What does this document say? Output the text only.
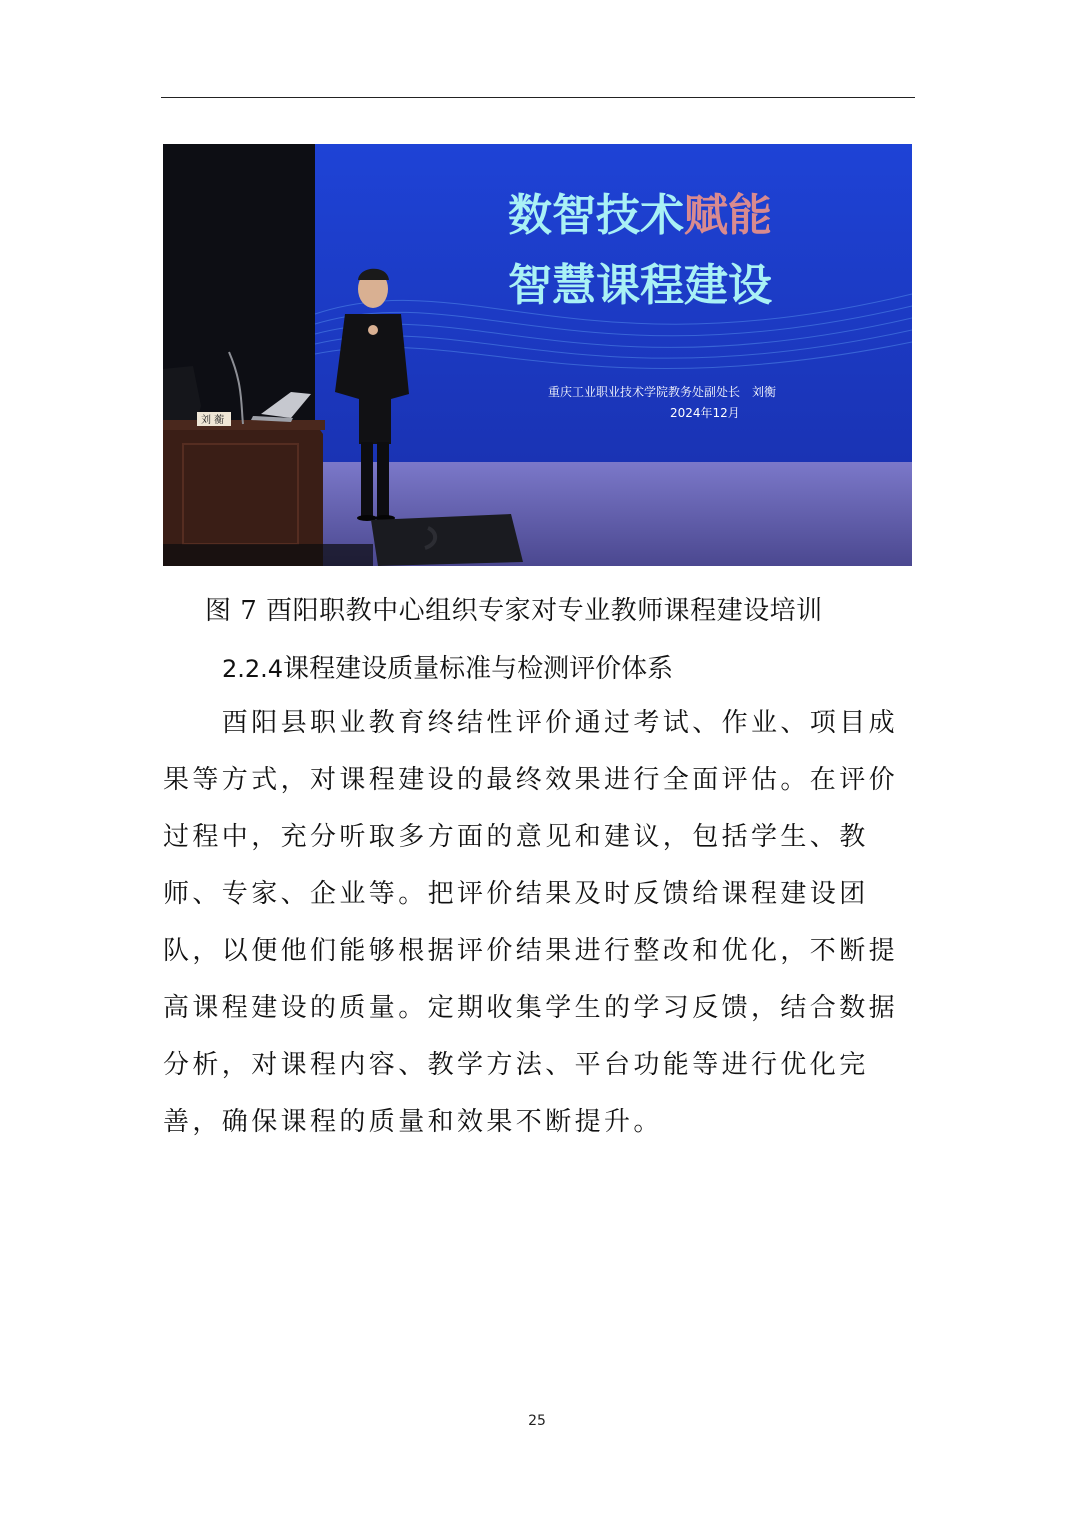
数智技术赋能
智慧课程建设
重庆工业职业技术学院教务处副处长　刘衡
2024年12月
刘 蘅
图 7 酉阳职教中心组织专家对专业教师课程建设培训
2.2.4课程建设质量标准与检测评价体系
　　酉阳县职业教育终结性评价通过考试、作业、项目成
果等方式，对课程建设的最终效果进行全面评估。在评价
过程中，充分听取多方面的意见和建议，包括学生、教
师、专家、企业等。把评价结果及时反馈给课程建设团
队，以便他们能够根据评价结果进行整改和优化，不断提
高课程建设的质量。定期收集学生的学习反馈，结合数据
分析，对课程内容、教学方法、平台功能等进行优化完
善，确保课程的质量和效果不断提升。
25
